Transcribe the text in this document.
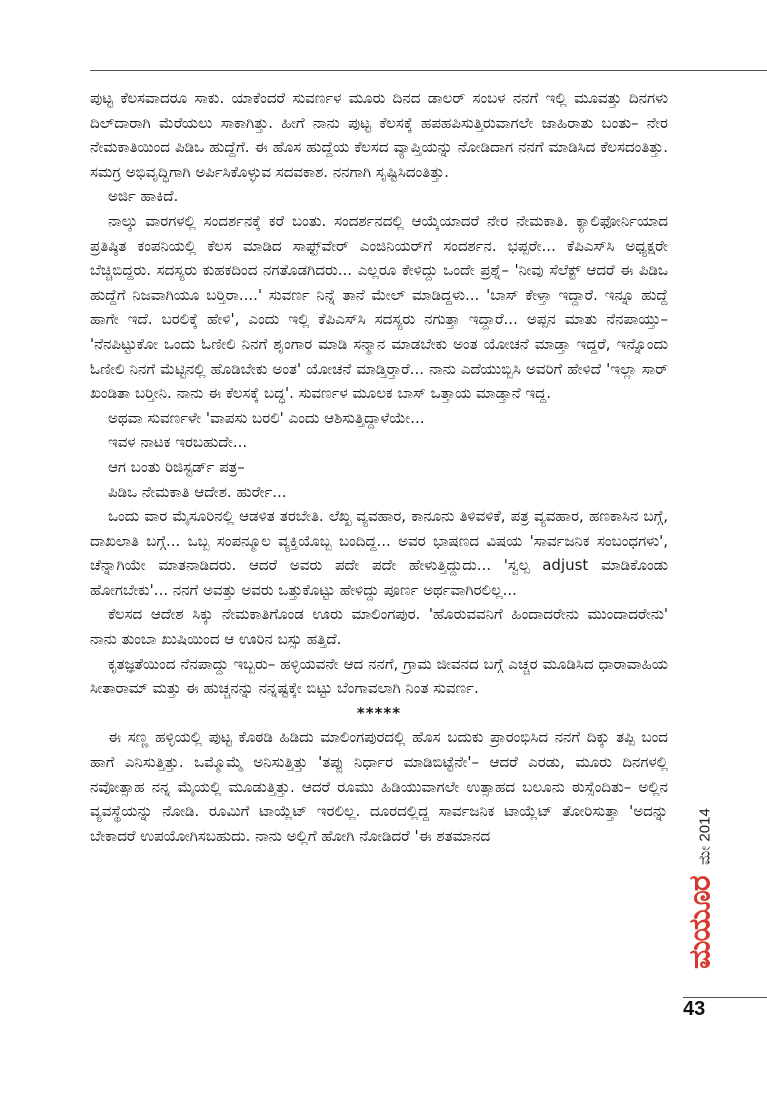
ಪುಟ್ಟ ಕೆಲಸವಾದರೂ ಸಾಕು. ಯಾಕೆಂದರೆ ಸುವರ್ಣಳ ಮೂರು ದಿನದ ಡಾಲರ್ ಸಂಬಳ ನನಗೆ ಇಲ್ಲಿ ಮೂವತ್ತು ದಿನಗಳು ದಿಲ್‌ದಾರಾಗಿ ಮೆರೆಯಲು ಸಾಕಾಗಿತ್ತು. ಹೀಗೆ ನಾನು ಪುಟ್ಟ ಕೆಲಸಕ್ಕೆ ಹಪಹಪಿಸುತ್ತಿರುವಾಗಲೇ ಜಾಹಿರಾತು ಬಂತು– ನೇರ ನೇಮಕಾತಿಯಿಂದ ಪಿಡಿಒ ಹುದ್ದೆಗೆ. ಈ ಹೊಸ ಹುದ್ದೆಯ ಕೆಲಸದ ವ್ಯಾಪ್ತಿಯನ್ನು ನೋಡಿದಾಗ ನನಗೆ ಮಾಡಿಸಿದ ಕೆಲಸದಂತಿತ್ತು. ಸಮಗ್ರ ಅಭಿವೃದ್ಧಿಗಾಗಿ ಅರ್ಪಿಸಿಕೊಳ್ಳುವ ಸದವಕಾಶ. ನನಗಾಗಿ ಸೃಷ್ಟಿಸಿದಂತಿತ್ತು.

ಅರ್ಜಿ ಹಾಕಿದೆ.

ನಾಲ್ಕು ವಾರಗಳಲ್ಲಿ ಸಂದರ್ಶನಕ್ಕೆ ಕರೆ ಬಂತು. ಸಂದರ್ಶನದಲ್ಲಿ ಆಯ್ಕೆಯಾದರೆ ನೇರ ನೇಮಕಾತಿ. ಕ್ಯಾಲಿಫೋರ್ನಿಯಾದ ಪ್ರತಿಷ್ಠಿತ ಕಂಪನಿಯಲ್ಲಿ ಕೆಲಸ ಮಾಡಿದ ಸಾಫ್ಟ್‌ವೇರ್ ಎಂಜಿನಿಯರ್‌ಗೆ ಸಂದರ್ಶನ. ಭಪ್ಪರೇ... ಕೆಪಿಎಸ್‌ಸಿ ಅಧ್ಯಕ್ಷರೇ ಬೆಚ್ಚಿಬಿದ್ದರು. ಸದಸ್ಯರು ಕುಹಕದಿಂದ ನಗತೊಡಗಿದರು... ಎಲ್ಲರೂ ಕೇಳಿದ್ದು ಒಂದೇ ಪ್ರಶ್ನೆ– 'ನೀವು ಸೆಲೆಕ್ಟ್ ಆದರೆ ಈ ಪಿಡಿಒ ಹುದ್ದೆಗೆ ನಿಜವಾಗಿಯೂ ಬರ್‍ತಿರಾ....' ಸುವರ್ಣ ನಿನ್ನೆ ತಾನೆ ಮೇಲ್ ಮಾಡಿದ್ದಳು... 'ಬಾಸ್ ಕೇಳ್ತಾ ಇದ್ದಾರೆ. ಇನ್ನೂ ಹುದ್ದೆ ಹಾಗೇ ಇದೆ. ಬರಲಿಕ್ಕೆ ಹೇಳಿ', ಎಂದು ಇಲ್ಲಿ ಕೆಪಿಎಸ್‌ಸಿ ಸದಸ್ಯರು ನಗುತ್ತಾ ಇದ್ದಾರೆ... ಅಪ್ಪನ ಮಾತು ನೆನಪಾಯ್ತು– 'ನೆನಪಿಟ್ಟುಕೋ ಒಂದು ಓಣೀಲಿ ನಿನಗೆ ಶೃಂಗಾರ ಮಾಡಿ ಸನ್ಮಾನ ಮಾಡಬೇಕು ಅಂತ ಯೋಚನೆ ಮಾಡ್ತಾ ಇದ್ದರೆ, ಇನ್ನೊಂದು ಓಣೀಲಿ ನಿನಗೆ ಮೆಟ್ಟಿನಲ್ಲಿ ಹೊಡಿಬೇಕು ಅಂತ' ಯೋಚನೆ ಮಾಡ್ತಿರ್‍ತಾರೆ... ನಾನು ಎದೆಯುಬ್ಬಿಸಿ ಅವರಿಗೆ ಹೇಳಿದೆ 'ಇಲ್ಲಾ ಸಾರ್ ಖಂಡಿತಾ ಬರ್‍ತೀನಿ. ನಾನು ಈ ಕೆಲಸಕ್ಕೆ ಬದ್ಧ'. ಸುವರ್ಣಳ ಮೂಲಕ ಬಾಸ್ ಒತ್ತಾಯ ಮಾಡ್ತಾನೆ ಇದ್ದ.

ಅಥವಾ ಸುವರ್ಣಳೇ 'ವಾಪಸು ಬರಲಿ' ಎಂದು ಆಶಿಸುತ್ತಿದ್ದಾಳೆಯೇ...

ಇವಳ ನಾಟಕ ಇರಬಹುದೇ...

ಆಗ ಬಂತು ರಿಜಿಸ್ಟರ್ಡ್ ಪತ್ರ–

ಪಿಡಿಒ ನೇಮಕಾತಿ ಆದೇಶ. ಹುರ್ರೇ...

ಒಂದು ವಾರ ಮೈಸೂರಿನಲ್ಲಿ ಆಡಳಿತ ತರಬೇತಿ. ಲೆಖ್ಖ ವ್ಯವಹಾರ, ಕಾನೂನು ತಿಳಿವಳಿಕೆ, ಪತ್ರ ವ್ಯವಹಾರ, ಹಣಕಾಸಿನ ಬಗ್ಗೆ, ದಾಖಲಾತಿ ಬಗ್ಗೆ... ಒಬ್ಬ ಸಂಪನ್ಮೂಲ ವ್ಯಕ್ತಿಯೊಬ್ಬ ಬಂದಿದ್ದ... ಅವರ ಭಾಷಣದ ವಿಷಯ 'ಸಾರ್ವಜನಿಕ ಸಂಬಂಧಗಳು', ಚೆನ್ನಾಗಿಯೇ ಮಾತನಾಡಿದರು. ಆದರೆ ಅವರು ಪದೇ ಪದೇ ಹೇಳುತ್ತಿದ್ದುದು... 'ಸ್ವಲ್ಪ adjust ಮಾಡಿಕೊಂಡು ಹೋಗಬೇಕು'... ನನಗೆ ಅವತ್ತು ಅವರು ಒತ್ತುಕೊಟ್ಟು ಹೇಳಿದ್ದು ಪೂರ್ಣ ಅರ್ಥವಾಗಿರಲಿಲ್ಲ...

ಕೆಲಸದ ಆದೇಶ ಸಿಕ್ಕು ನೇಮಕಾತಿಗೊಂಡ ಊರು ಮಾಲಿಂಗಪುರ. 'ಹೊರುವವನಿಗೆ ಹಿಂದಾದರೇನು ಮುಂದಾದರೇನು' ನಾನು ತುಂಬಾ ಖುಷಿಯಿಂದ ಆ ಊರಿನ ಬಸ್ಸು ಹತ್ತಿದೆ.

ಕೃತಜ್ಞತೆಯಿಂದ ನೆನಪಾದ್ದು ಇಬ್ಬರು– ಹಳ್ಳಿಯವನೇ ಆದ ನನಗೆ, ಗ್ರಾಮ ಜೀವನದ ಬಗ್ಗೆ ಎಚ್ಚರ ಮೂಡಿಸಿದ ಧಾರಾವಾಹಿಯ ಸೀತಾರಾಮ್ ಮತ್ತು ಈ ಹುಚ್ಚನನ್ನು ನನ್ನಷ್ಟಕ್ಕೇ ಬಿಟ್ಟು ಬೆಂಗಾವಲಾಗಿ ನಿಂತ ಸುವರ್ಣ.

*****

ಈ ಸಣ್ಣ ಹಳ್ಳಿಯಲ್ಲಿ ಪುಟ್ಟ ಕೊಠಡಿ ಹಿಡಿದು ಮಾಲಿಂಗಪುರದಲ್ಲಿ ಹೊಸ ಬದುಕು ಪ್ರಾರಂಭಿಸಿದ ನನಗೆ ದಿಕ್ಕು ತಪ್ಪಿ ಬಂದ ಹಾಗೆ ಎನಿಸುತ್ತಿತ್ತು. ಒಮ್ಮೊಮ್ಮೆ ಅನಿಸುತ್ತಿತ್ತು 'ತಪ್ಪು ನಿರ್ಧಾರ ಮಾಡಿಬಿಟ್ಟೆನೇ'– ಆದರೆ ಎರಡು, ಮೂರು ದಿನಗಳಲ್ಲಿ ನವೋತ್ಸಾಹ ನನ್ನ ಮೈಯಲ್ಲಿ ಮೂಡುತ್ತಿತ್ತು. ಆದರೆ ರೂಮು ಹಿಡಿಯುವಾಗಲೇ ಉತ್ಸಾಹದ ಬಲೂನು ಠುಸ್ಸೆಂದಿತು– ಅಲ್ಲಿನ ವ್ಯವಸ್ಥೆಯನ್ನು ನೋಡಿ. ರೂಮಿಗೆ ಟಾಯ್ಲೆಟ್ ಇರಲಿಲ್ಲ. ದೂರದಲ್ಲಿದ್ದ ಸಾರ್ವಜನಿಕ ಟಾಯ್ಲೆಟ್ ತೋರಿಸುತ್ತಾ 'ಅದನ್ನು ಬೇಕಾದರೆ ಉಪಯೋಗಿಸಬಹುದು. ನಾನು ಅಲ್ಲಿಗೆ ಹೋಗಿ ನೋಡಿದರೆ 'ಈ ಶತಮಾನದ	ಮೇ 2014
ಮಯೂರ
43
